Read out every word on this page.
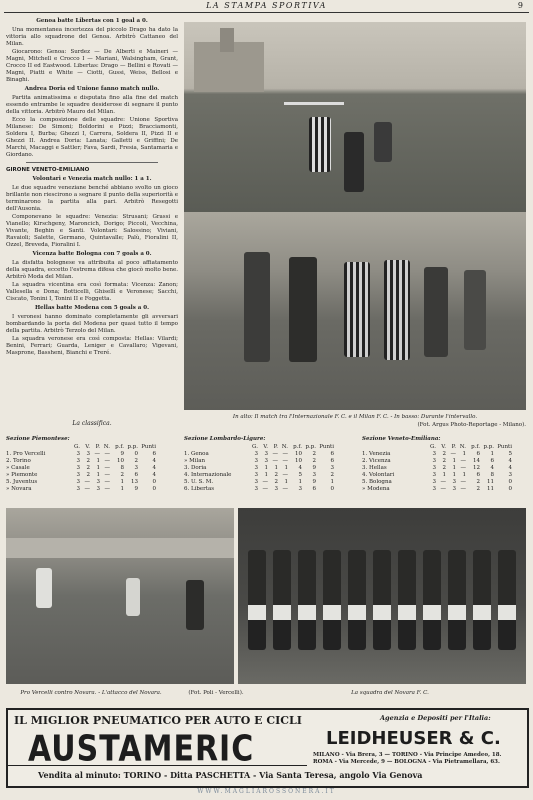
LA STAMPA SPORTIVA	9

Genoa batte Libertas con 1 goal a 0.

Una momentanea incertezza del piccolo Drago ha dato la vittoria allo squadrone del Genoa. Arbitrò Cattaneo del Milan.

Giocarono: Genoa: Surdez — De Alberti e Maineri — Magni, Mitchell e Crocco I — Mariani, Walsingham, Grant, Crocco II ed Eastwood. Libertas: Drago — Bellini e Rovati — Magni, Piatti e White — Ciotti, Gussi, Weiss, Bellosi e Binaghi.

Andrea Doria ed Unione fanno match nullo.

Partita animatissima e disputata fino alla fine del match essendo entrambe le squadre desiderose di segnare il punto della vittoria. Arbitrò Mauro del Milan.

Ecco la composizione delle squadre: Unione Sportiva Milanese: De Simoni; Boldorini e Pizzi; Bracciamonti, Soldera I, Burba; Ghezzi I, Carrera, Soldera II, Pizzi II e Ghezzi II. Andrea Doria: Lanata; Galletti e Griffini; De Marchi, Macaggi e Sattler; Fava, Sardi, Fresia, Santamaria e Giordano.

GIRONE VENETO-EMILIANO

Volontari e Venezia match nullo: 1 a 1.

Le due squadre veneziane benché abbiano svolto un gioco brillante non riescirono a segnare il punto della superiorità e terminarono la partita alla pari. Arbitrò Resegotti dell'Ausonia.

Componevano le squadre: Venezia: Strusani; Grassi e Vianello; Kirschgeny, Maroncich, Dorigo; Piccoli, Vecchina, Vivante, Beghin e Santi. Volontari: Salossino; Viviani, Ravaioli; Salette, Germano, Quintavalle; Palù, Fioralini II, Ozzel, Breveda, Fioralini I.

Vicenza batte Bologna con 7 goals a 0.

La disfatta bolognese va attribuita al poco affiatamento della squadra, eccetto l'estrema difesa che giocò molto bene. Arbitrò Moda del Milan.

La squadra vicentina era così formata: Vicenza: Zanon; Vallesella e Dona; Botticelli, Ghisellì e Veronese; Sacchi, Ciscato, Tonini I, Tonini II e Foggetta.

Hellas batte Modena con 5 goals a 0.

I veronesi hanno dominato completamente gli avversari bombardando la porta del Modena per quasi tutto il tempo della partita. Arbitrò Terzolo del Milan.

La squadra veronese era così composta: Hellas: Vilardi; Benini, Ferrari; Guarda, Leniger e Cavallaro; Vigevani, Masprone, Bassheni, Bianchi e Treré.

La classifica.
In alto: Il match tra l'Internazionale F. C. e il Milan F. C. - In basso: Durante l'intervallo.
(Fot. Argus Photo-Reportage - Milano).
Sezione Piemontese:
G. V.	P. N. p.f. p.p. Punti
1. Pro Vercelli	3	3 — —	9	0	6
2. Torino	3	2	1 —	10	2	4
» Casale	3	2	1 —	8	3	4
» Piemonte	3	2	1 —	2	6	4
5. Juventus	3 —	3 —	1	13	0
» Novara	3 —	3 —	1	9	0
Sezione Lombardo-Ligure:
G. V.	P. N. p.f. p.p. Punti
1. Genoa	3	3 — —	10	2	6
» Milan	3	3 — —	10	2	6
3. Doria	3	1	1	1	4	9	3
4. Internazionale	3	1	2 —	5	3	2
5. U. S. M.	3 —	2	1	1	9	1
6. Libertas	3 —	3 —	3	6	0
Sezione Veneto-Emiliana:
G. V.	P. N. p.f. p.p. Punti
1. Venezia	3	2 —	1	6	1	5
2. Vicenza	3	2	1 —	14	6	4
3. Hellas	3	2	1 —	12	4	4
4. Volontari	3	1	1	1	6	8	3
5. Bologna	3 —	3 —	2	11	0
» Modena	3 —	3 —	2	11	0
Pro Vercelli contro Novara. - L'attacco del Novara.	(Fot. Poli - Vercelli).	La squadra del Novara F. C.
IL MIGLIOR PNEUMATICO PER AUTO E CICLI
AUSTAMERIC
Vendita al minuto: TORINO - Ditta PASCHETTA - Via Santa Teresa, angolo Via Genova
Agenzia e Depositi per l'Italia:
LEIDHEUSER & C.
MILANO - Via Brera, 3 — TORINO - Via Principe Amedeo, 18.
ROMA - Via Mercede, 9 — BOLOGNA - Via Pietramellara, 63.
WWW.MAGLIAROSSONERA.IT
